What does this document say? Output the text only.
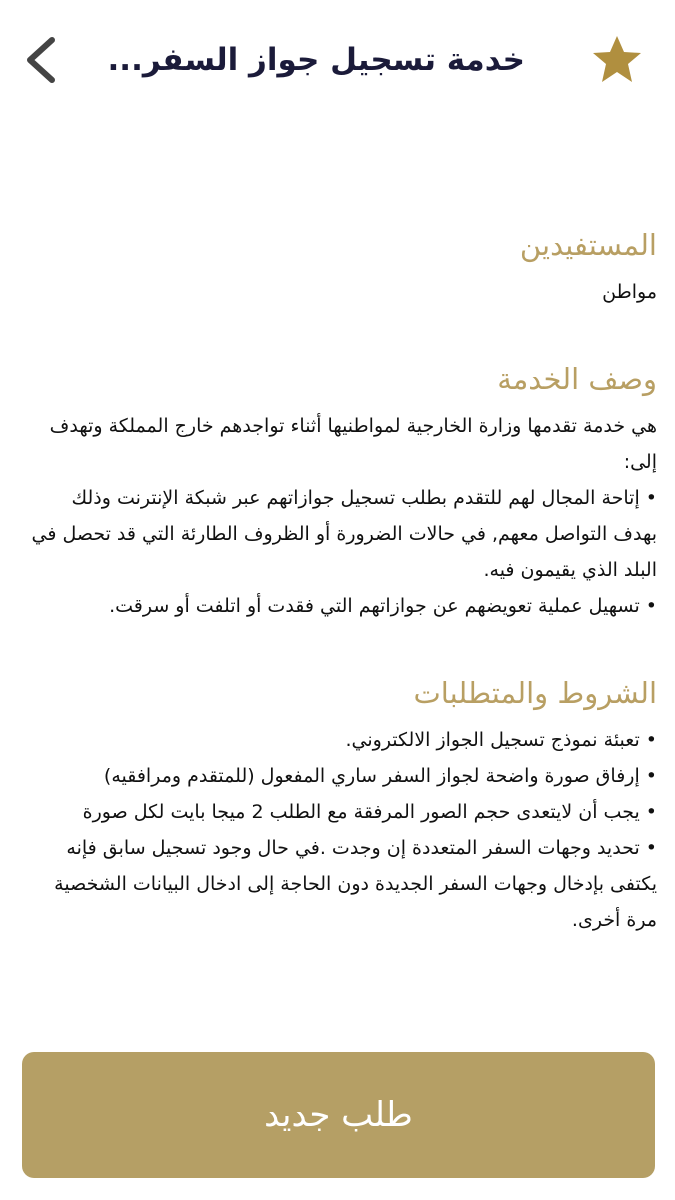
خدمة تسجيل جواز السفر...
المستفيدين

مواطن

وصف الخدمة

هي خدمة تقدمها وزارة الخارجية لمواطنيها أثناء تواجدهم خارج المملكة وتهدف إلى:

• إتاحة المجال لهم للتقدم بطلب تسجيل جوازاتهم عبر شبكة الإنترنت وذلك بهدف التواصل معهم, في حالات الضرورة أو الظروف الطارئة التي قد تحصل في البلد الذي يقيمون فيه.
• تسهيل عملية تعويضهم عن جوازاتهم التي فقدت أو اتلفت أو سرقت.
الشروط والمتطلبات
• تعبئة نموذج تسجيل الجواز الالكتروني.
• إرفاق صورة واضحة لجواز السفر ساري المفعول (للمتقدم ومرافقيه)
• يجب أن لايتعدى حجم الصور المرفقة مع الطلب 2 ميجا بايت لكل صورة
• تحديد وجهات السفر المتعددة إن وجدت .في حال وجود تسجيل سابق فإنه يكتفى بإدخال وجهات السفر الجديدة دون الحاجة إلى ادخال البيانات الشخصية مرة أخرى.
طلب جديد
